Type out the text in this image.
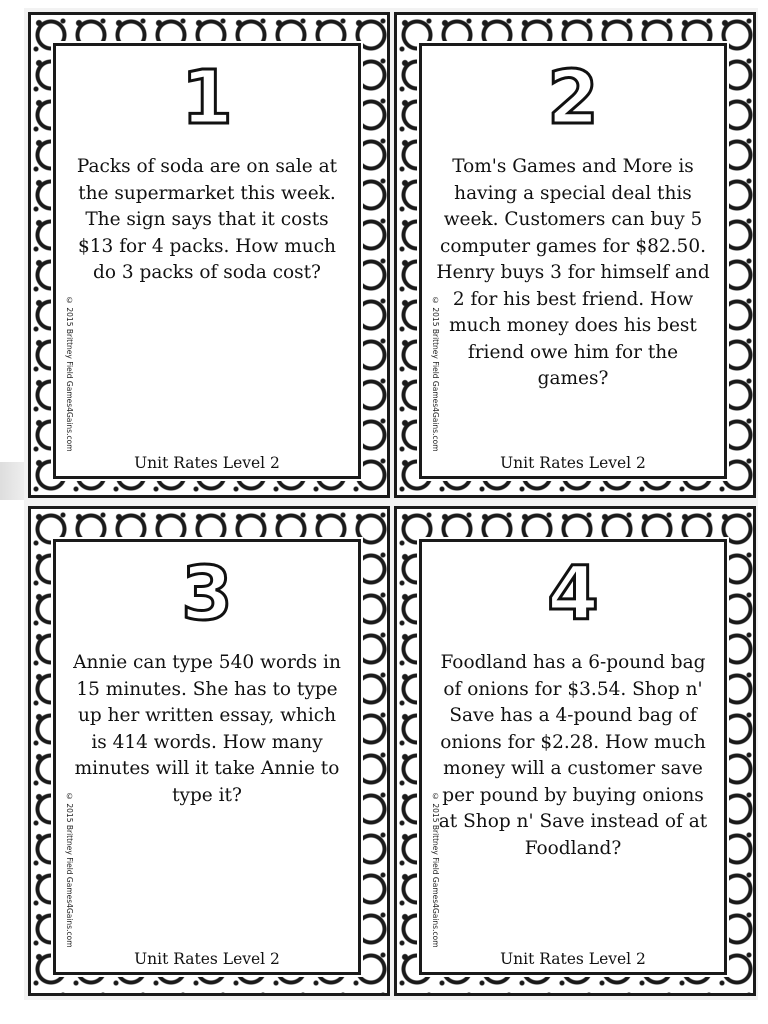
1
Packs of soda are on sale at the supermarket this week. The sign says that it costs $13 for 4 packs. How much do 3 packs of soda cost?
© 2015 Brittney Field Games4Gains.com
Unit Rates Level 2
2
Tom's Games and More is having a special deal this week. Customers can buy 5 computer games for $82.50. Henry buys 3 for himself and 2 for his best friend. How much money does his best friend owe him for the games?
© 2015 Brittney Field Games4Gains.com
Unit Rates Level 2
3
Annie can type 540 words in 15 minutes. She has to type up her written essay, which is 414 words. How many minutes will it take Annie to type it?
© 2015 Brittney Field Games4Gains.com
Unit Rates Level 2
4
Foodland has a 6-pound bag of onions for $3.54. Shop n' Save has a 4-pound bag of onions for $2.28. How much money will a customer save per pound by buying onions at Shop n' Save instead of at Foodland?
© 2015 Brittney Field Games4Gains.com
Unit Rates Level 2
